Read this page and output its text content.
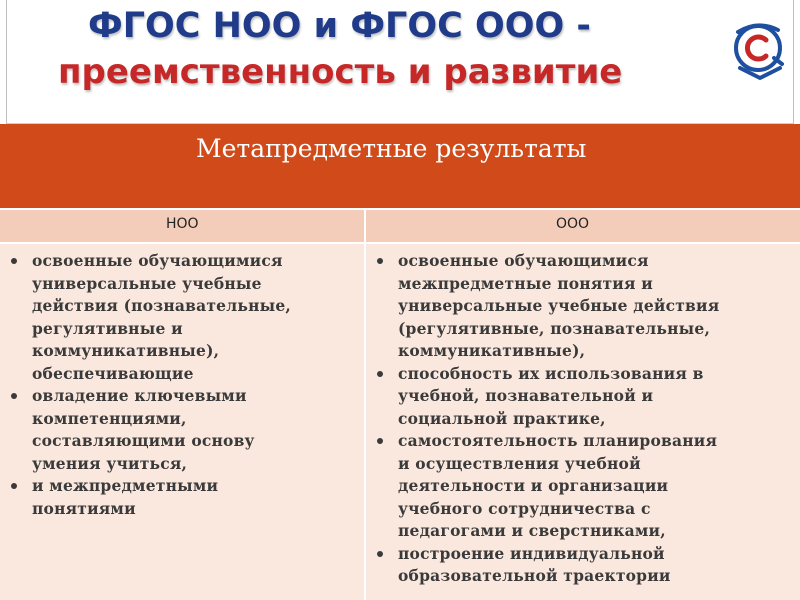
ФГОС НОО и ФГОС ООО -
преемственность и развитие
Метапредметные результаты
НОО	ООО
освоенные обучающимися
универсальные учебные
действия (познавательные,
регулятивные и
коммуникативные),
обеспечивающие
овладение ключевыми
компетенциями,
составляющими основу
умения учиться,
и межпредметными
понятиями
освоенные обучающимися
межпредметные понятия и
универсальные учебные действия
(регулятивные, познавательные,
коммуникативные),
способность их использования в
учебной, познавательной и
социальной практике,
самостоятельность планирования
и осуществления учебной
деятельности и организации
учебного сотрудничества с
педагогами и сверстниками,
построение индивидуальной
образовательной траектории
